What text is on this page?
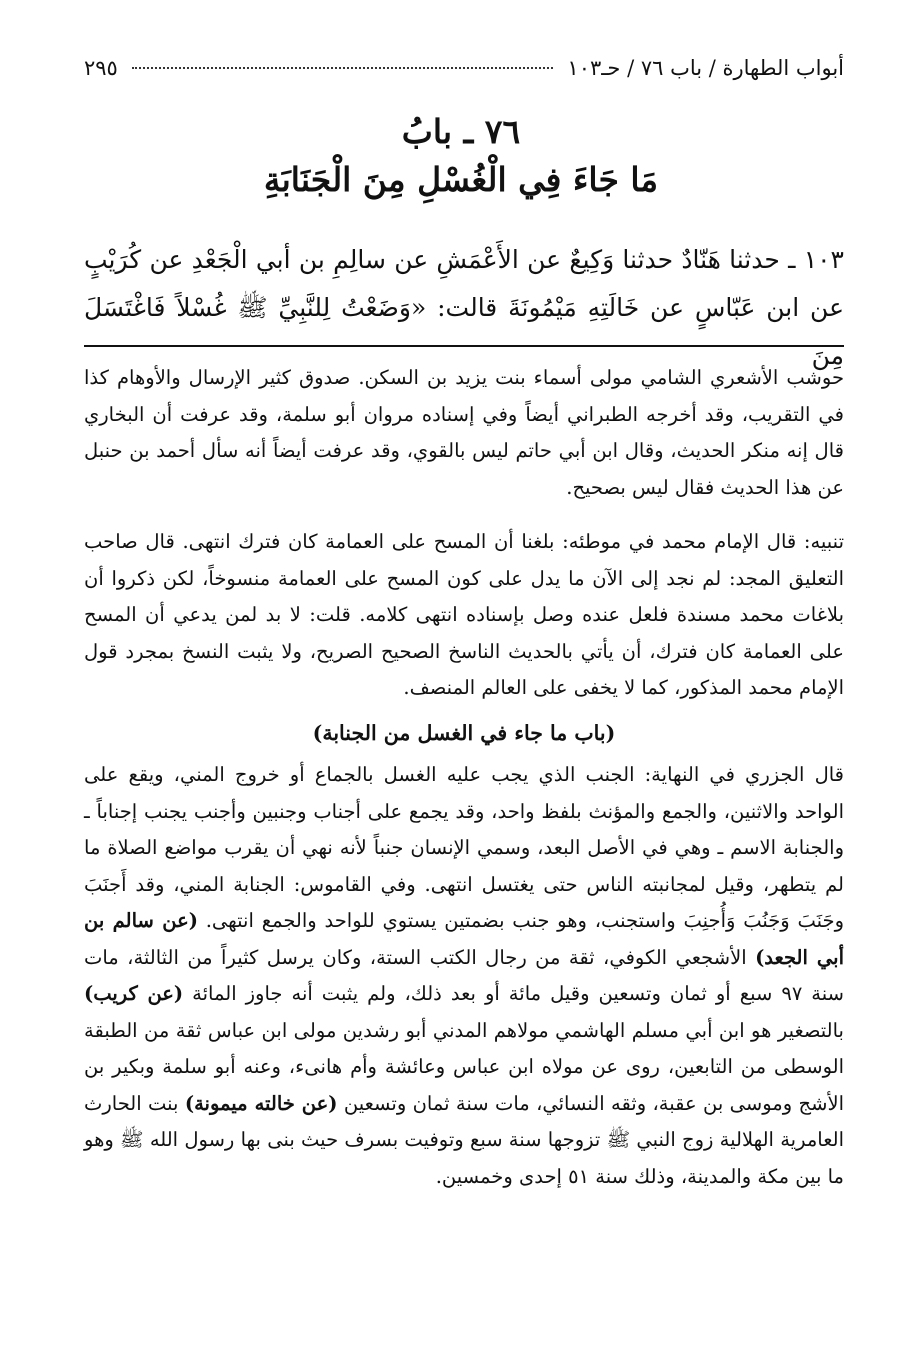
أبواب الطهارة / باب ٧٦ / حـ١٠٣
٢٩٥
٧٦ ـ بابُ
مَا جَاءَ فِي الْغُسْلِ مِنَ الْجَنَابَةِ
١٠٣ ـ حدثنا هَنّادٌ حدثنا وَكِيعٌ عن الأَعْمَشِ عن سالِمِ بن أبي الْجَعْدِ عن كُرَيْبٍ عن ابن عَبّاسٍ عن خَالَتِهِ مَيْمُونَةَ قالت: «وَضَعْتُ لِلنَّبِيِّ ﷺ غُسْلاً فَاغْتَسَلَ مِنَ

حوشب الأشعري الشامي مولى أسماء بنت يزيد بن السكن. صدوق كثير الإرسال والأوهام كذا في التقريب، وقد أخرجه الطبراني أيضاً وفي إسناده مروان أبو سلمة، وقد عرفت أن البخاري قال إنه منكر الحديث، وقال ابن أبي حاتم ليس بالقوي، وقد عرفت أيضاً أنه سأل أحمد بن حنبل عن هذا الحديث فقال ليس بصحيح.

تنبيه: قال الإمام محمد في موطئه: بلغنا أن المسح على العمامة كان فترك انتهى. قال صاحب التعليق المجد: لم نجد إلى الآن ما يدل على كون المسح على العمامة منسوخاً، لكن ذكروا أن بلاغات محمد مسندة فلعل عنده وصل بإسناده انتهى كلامه. قلت: لا بد لمن يدعي أن المسح على العمامة كان فترك، أن يأتي بالحديث الناسخ الصحيح الصريح، ولا يثبت النسخ بمجرد قول الإمام محمد المذكور، كما لا يخفى على العالم المنصف.

(باب ما جاء في الغسل من الجنابة)

قال الجزري في النهاية: الجنب الذي يجب عليه الغسل بالجماع أو خروج المني، ويقع على الواحد والاثنين، والجمع والمؤنث بلفظ واحد، وقد يجمع على أجناب وجنبين وأجنب يجنب إجناباً ـ والجنابة الاسم ـ وهي في الأصل البعد، وسمي الإنسان جنباً لأنه نهي أن يقرب مواضع الصلاة ما لم يتطهر، وقيل لمجانبته الناس حتى يغتسل انتهى. وفي القاموس: الجنابة المني، وقد أَجنَبَ وجَنَبَ وَجَنُبَ وَأُجنِبَ واستجنب، وهو جنب بضمتين يستوي للواحد والجمع انتهى. (عن سالم بن أبي الجعد) الأشجعي الكوفي، ثقة من رجال الكتب الستة، وكان يرسل كثيراً من الثالثة، مات سنة ٩٧ سبع أو ثمان وتسعين وقيل مائة أو بعد ذلك، ولم يثبت أنه جاوز المائة (عن كريب) بالتصغير هو ابن أبي مسلم الهاشمي مولاهم المدني أبو رشدين مولى ابن عباس ثقة من الطبقة الوسطى من التابعين، روى عن مولاه ابن عباس وعائشة وأم هانىء، وعنه أبو سلمة وبكير بن الأشج وموسى بن عقبة، وثقه النسائي، مات سنة ثمان وتسعين (عن خالته ميمونة) بنت الحارث العامرية الهلالية زوج النبي ﷺ تزوجها سنة سبع وتوفيت بسرف حيث بنى بها رسول الله ﷺ وهو ما بين مكة والمدينة، وذلك سنة ٥١ إحدى وخمسين.
